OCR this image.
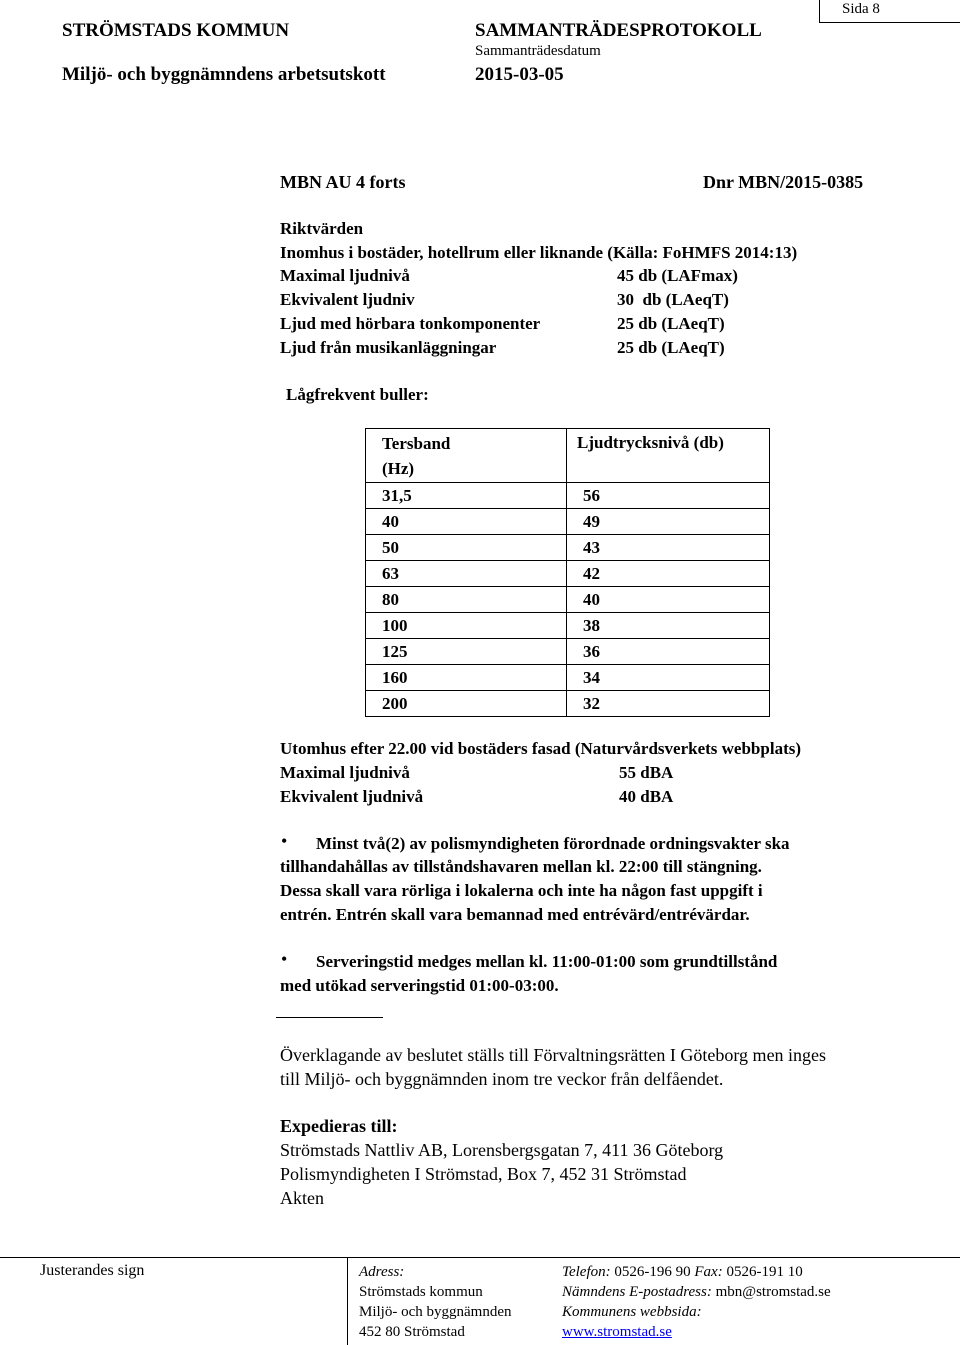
STRÖMSTADS KOMMUN
Miljö- och byggnämndens arbetsutskott
SAMMANTRÄDESPROTOKOLL
Sammanträdesdatum
2015-03-05
Sida 8
MBN AU 4 forts	Dnr MBN/2015-0385
Riktvärden
Inomhus i bostäder, hotellrum eller liknande (Källa: FoHMFS 2014:13)
Maximal ljudnivå	45 db (LAFmax)
Ekvivalent ljudniv	30  db (LAeqT)
Ljud med hörbara tonkomponenter	25 db (LAeqT)
Ljud från musikanläggningar	25 db (LAeqT)
Lågfrekvent buller:
Tersband
(Hz)	Ljudtrycksnivå (db)
31,5	56
40	49
50	43
63	42
80	40
100	38
125	36
160	34
200	32
Utomhus efter 22.00 vid bostäders fasad (Naturvårdsverkets webbplats)
Maximal ljudnivå	55 dBA
Ekvivalent ljudnivå	40 dBA
• Minst två(2) av polismyndigheten förordnade ordningsvakter ska
tillhandahållas av tillståndshavaren mellan kl. 22:00 till stängning.
Dessa skall vara rörliga i lokalerna och inte ha någon fast uppgift i
entrén. Entrén skall vara bemannad med entrévärd/entrévärdar.
• Serveringstid medges mellan kl. 11:00-01:00 som grundtillstånd
med utökad serveringstid 01:00-03:00.
Överklagande av beslutet ställs till Förvaltningsrätten I Göteborg men inges
till Miljö- och byggnämnden inom tre veckor från delfåendet.
Expedieras till:
Strömstads Nattliv AB, Lorensbergsgatan 7, 411 36 Göteborg
Polismyndigheten I Strömstad, Box 7, 452 31 Strömstad
Akten
Justerandes sign	Adress:
Strömstads kommun
Miljö- och byggnämnden
452 80 Strömstad
Telefon: 0526-196 90 Fax: 0526-191 10
Nämndens E-postadress: mbn@stromstad.se
Kommunens webbsida:
www.stromstad.se
